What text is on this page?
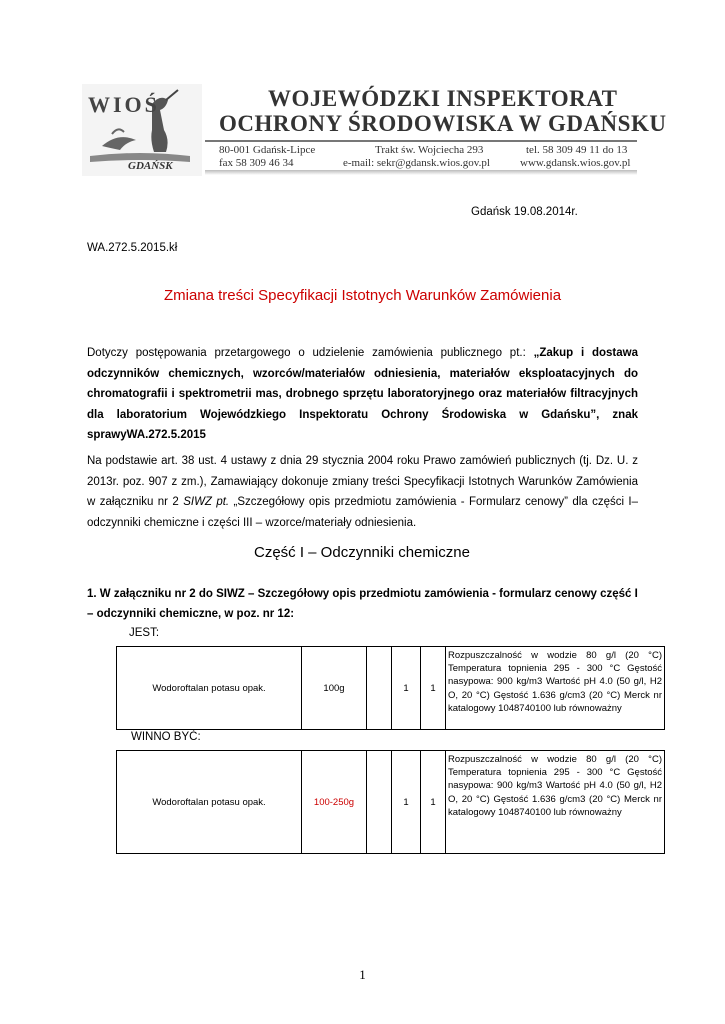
WIOŚ
GDAŃSK
WOJEWÓDZKI INSPEKTORAT
OCHRONY ŚRODOWISKA W GDAŃSKU
80-001 Gdańsk-Lipce	Trakt św. Wojciecha 293	tel. 58 309 49 11 do 13
fax 58 309 46 34	e-mail: sekr@gdansk.wios.gov.pl	www.gdansk.wios.gov.pl
Gdańsk 19.08.2014r.
WA.272.5.2015.kł
Zmiana treści Specyfikacji Istotnych Warunków Zamówienia
Dotyczy postępowania przetargowego o udzielenie zamówienia publicznego pt.: „Zakup i dostawa odczynników chemicznych, wzorców/materiałów odniesienia, materiałów eksploatacyjnych do chromatografii i spektrometrii mas, drobnego sprzętu laboratoryjnego oraz materiałów filtracyjnych dla laboratorium Wojewódzkiego Inspektoratu Ochrony Środowiska w Gdańsku”, znak sprawyWA.272.5.2015
Na podstawie art. 38 ust. 4 ustawy z dnia 29 stycznia 2004 roku Prawo zamówień publicznych (tj. Dz. U. z 2013r. poz. 907 z zm.), Zamawiający dokonuje zmiany treści Specyfikacji Istotnych Warunków Zamówienia w załączniku nr 2 SIWZ pt. „Szczegółowy opis przedmiotu zamówienia - Formularz cenowy” dla części I– odczynniki chemiczne i części III – wzorce/materiały odniesienia.
Część I – Odczynniki chemiczne
1. W załączniku nr 2 do SIWZ – Szczegółowy opis przedmiotu zamówienia - formularz cenowy część I – odczynniki chemiczne, w poz. nr 12:
JEST:
Wodoroftalan potasu opak.	100g		1	1	Rozpuszczalność w wodzie 80 g/l (20 °C) Temperatura topnienia 295 - 300 °C Gęstość nasypowa: 900 kg/m3 Wartość pH 4.0 (50 g/l, H2 O, 20 °C) Gęstość 1.636 g/cm3 (20 °C) Merck nr katalogowy 1048740100 lub równoważny
WINNO BYĆ:
Wodoroftalan potasu opak.	100-250g		1	1	Rozpuszczalność w wodzie 80 g/l (20 °C) Temperatura topnienia 295 - 300 °C Gęstość nasypowa: 900 kg/m3 Wartość pH 4.0 (50 g/l, H2 O, 20 °C) Gęstość 1.636 g/cm3 (20 °C) Merck nr katalogowy 1048740100 lub równoważny
1
